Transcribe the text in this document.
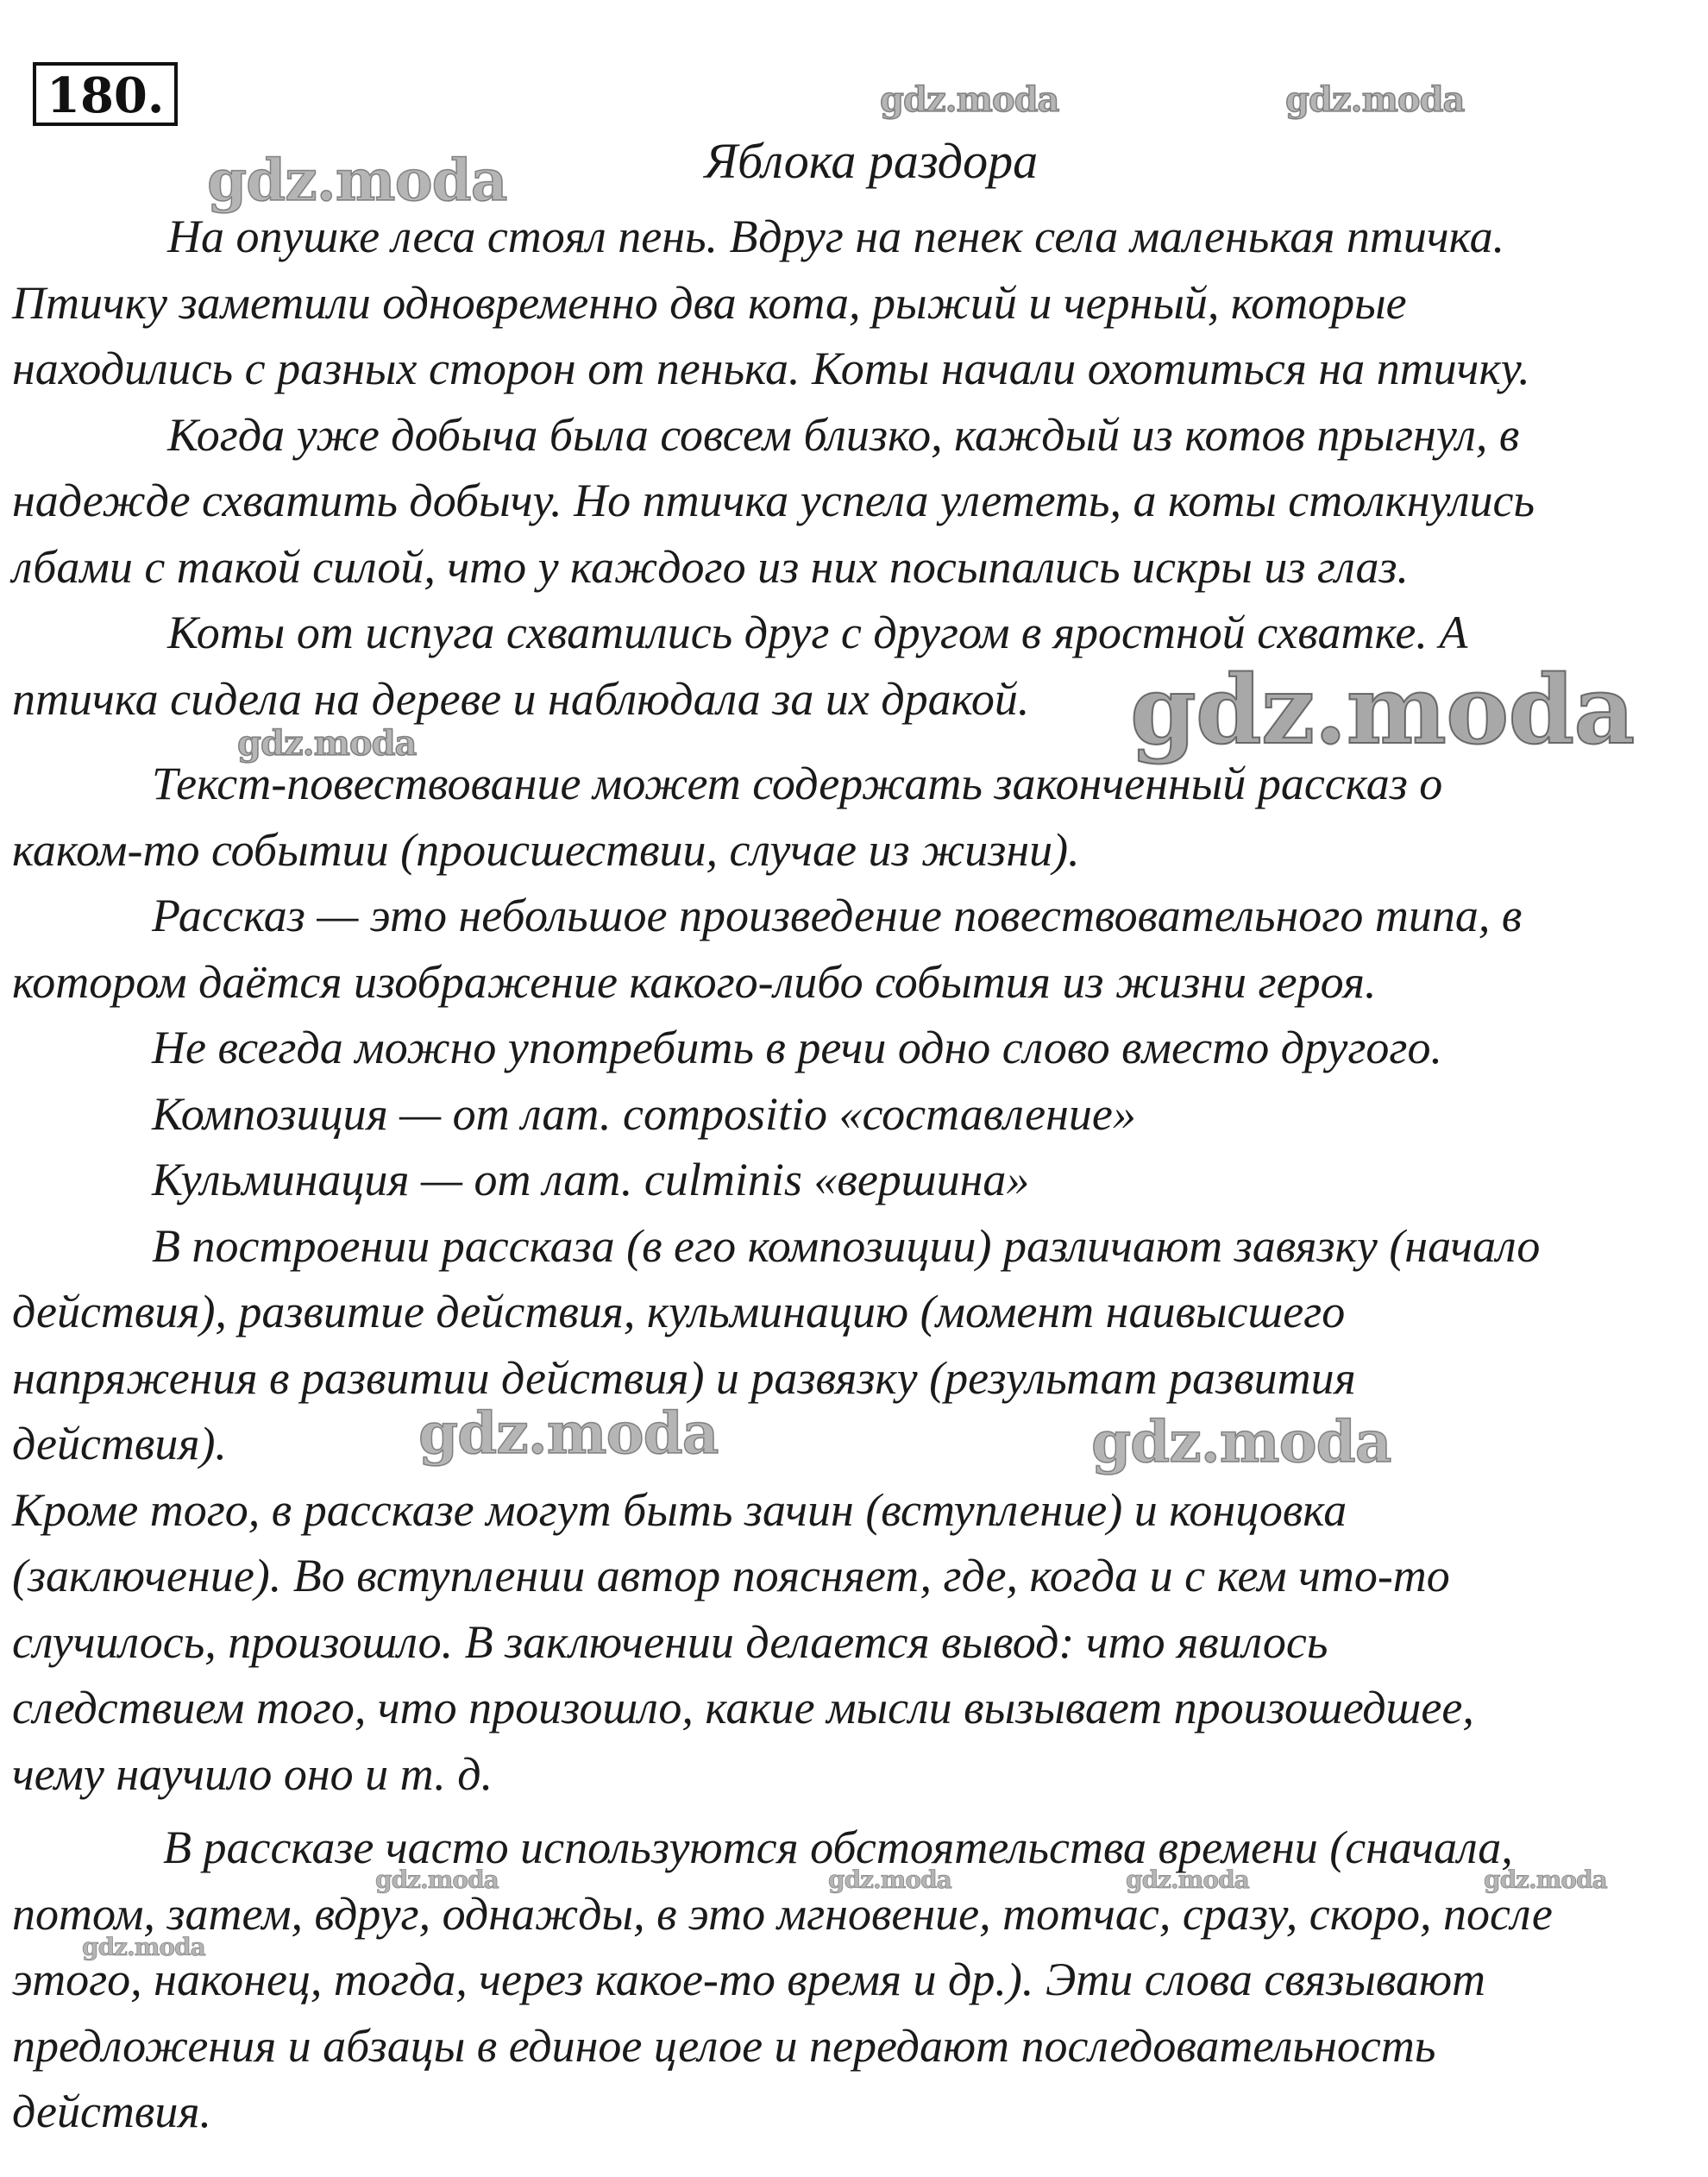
180.
Яблока раздора
На опушке леса стоял пень. Вдруг на пенек села маленькая птичка.
Птичку заметили одновременно два кота, рыжий и черный, которые
находились с разных сторон от пенька. Коты начали охотиться на птичку.
Когда уже добыча была совсем близко, каждый из котов прыгнул, в
надежде схватить добычу. Но птичка успела улететь, а коты столкнулись
лбами с такой силой, что у каждого из них посыпались искры из глаз.
Коты от испуга схватились друг с другом в яростной схватке. А
птичка сидела на дереве и наблюдала за их дракой.
Текст-повествование может содержать законченный рассказ о
каком-то событии (происшествии, случае из жизни).
Рассказ — это небольшое произведение повествовательного типа, в
котором даётся изображение какого-либо события из жизни героя.
Не всегда можно употребить в речи одно слово вместо другого.
Композиция — от лат. compositio «составление»
Кульминация — от лат. culminis «вершина»
В построении рассказа (в его композиции) различают завязку (начало
действия), развитие действия, кульминацию (момент наивысшего
напряжения в развитии действия) и развязку (результат развития
действия).
Кроме того, в рассказе могут быть зачин (вступление) и концовка
(заключение). Во вступлении автор поясняет, где, когда и с кем что-то
случилось, произошло. В заключении делается вывод: что явилось
следствием того, что произошло, какие мысли вызывает произошедшее,
чему научило оно и т. д.
В рассказе часто используются обстоятельства времени (сначала,
потом, затем, вдруг, однажды, в это мгновение, тотчас, сразу, скоро, после
этого, наконец, тогда, через какое-то время и др.). Эти слова связывают
предложения и абзацы в единое целое и передают последовательность
действия.
gdz.moda	gdz.moda
gdz.moda
gdz.moda
gdz.moda
gdz.moda	gdz.moda
gdz.moda	gdz.moda	gdz.moda	gdz.moda
gdz.moda
